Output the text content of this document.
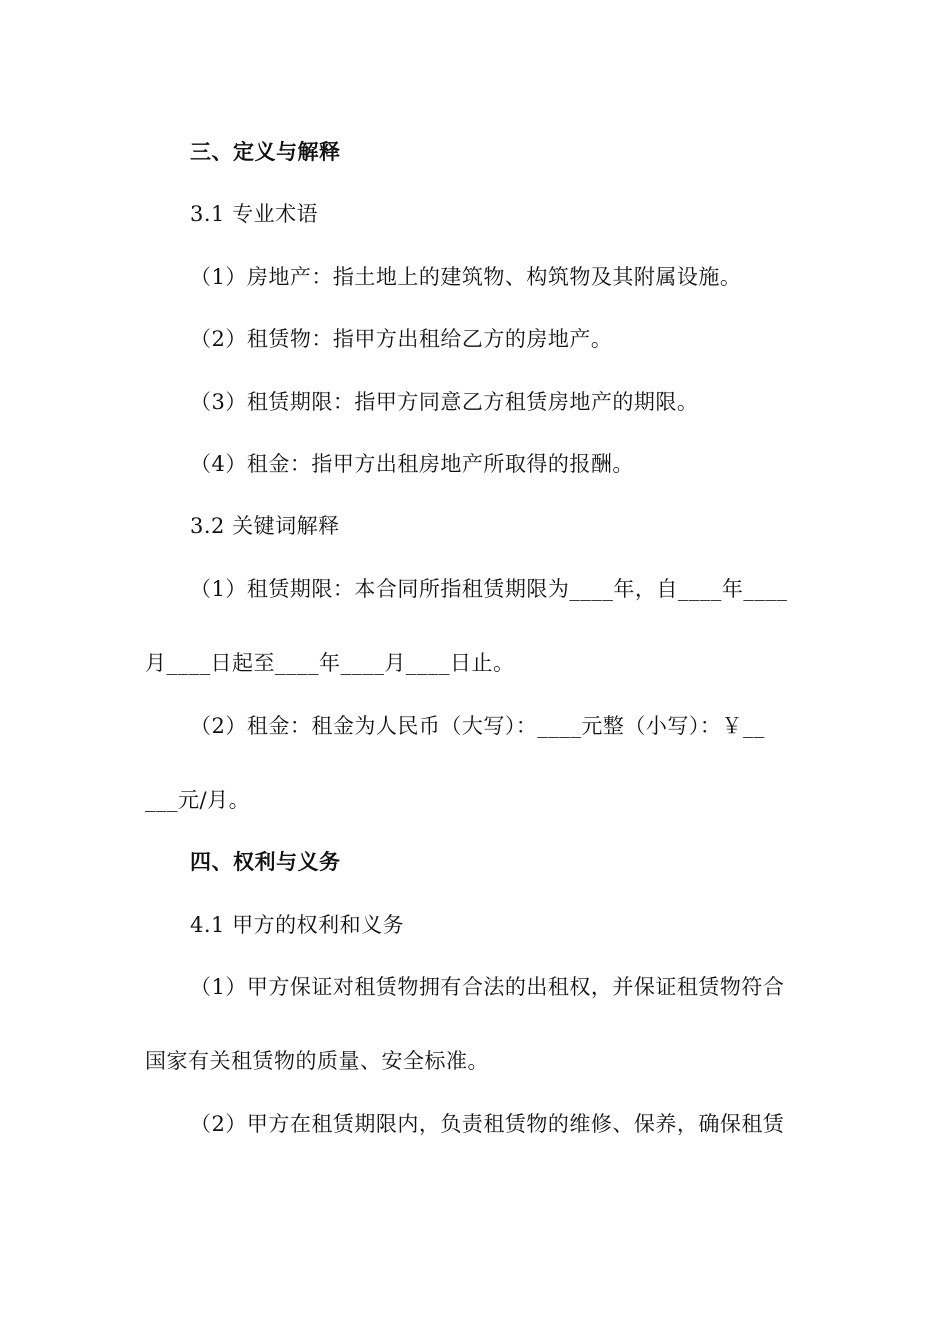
三、定义与解释
3.1 专业术语
（1）房地产：指土地上的建筑物、构筑物及其附属设施。
（2）租赁物：指甲方出租给乙方的房地产。
（3）租赁期限：指甲方同意乙方租赁房地产的期限。
（4）租金：指甲方出租房地产所取得的报酬。
3.2 关键词解释
（1）租赁期限：本合同所指租赁期限为____年，自____年____
月____日起至____年____月____日止。
（2）租金：租金为人民币（大写）：____元整（小写）：￥__
___元/月。
四、权利与义务
4.1 甲方的权利和义务
（1）甲方保证对租赁物拥有合法的出租权，并保证租赁物符合
国家有关租赁物的质量、安全标准。
（2）甲方在租赁期限内，负责租赁物的维修、保养，确保租赁
